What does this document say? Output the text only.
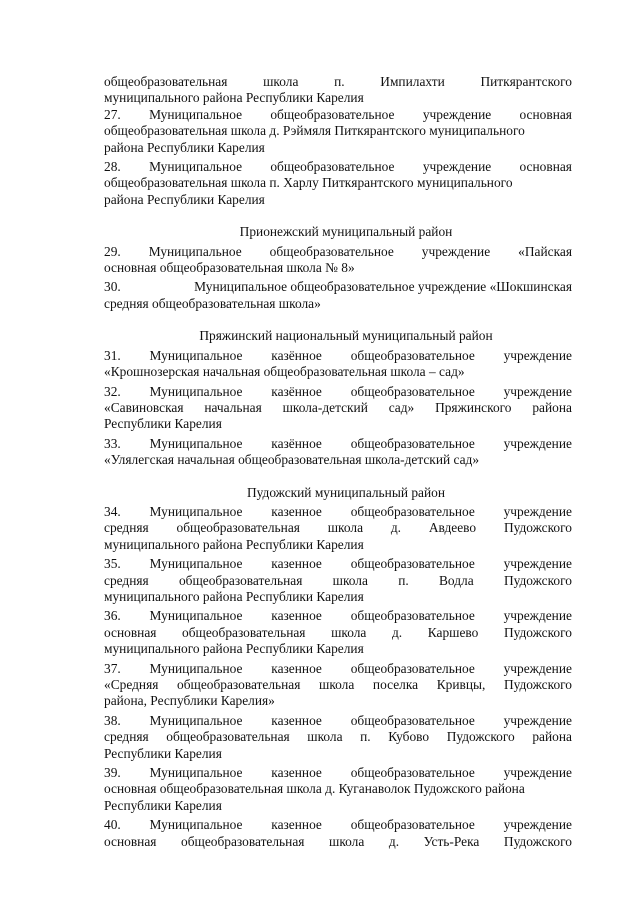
общеобразовательная	школа	п.	Импилахти	Питкярантского
муниципального района Республики Карелия
27. Муниципальное общеобразовательное учреждение основная
общеобразовательная школа д. Рэймяля Питкярантского муниципального
района Республики Карелия
28. Муниципальное общеобразовательное учреждение основная
общеобразовательная школа п. Харлу Питкярантского муниципального
района Республики Карелия

Прионежский муниципальный район

29. Муниципальное общеобразовательное учреждение «Пайская
основная общеобразовательная школа № 8»
30.	Муниципальное общеобразовательное учреждение «Шокшинская
средняя общеобразовательная школа»

Пряжинский национальный муниципальный район

31. Муниципальное казённое общеобразовательное учреждение
«Крошнозерская начальная общеобразовательная школа – сад»
32. Муниципальное казённое общеобразовательное учреждение
«Савиновская начальная школа-детский сад» Пряжинского района
Республики Карелия
33. Муниципальное казённое общеобразовательное учреждение
«Улялегская начальная общеобразовательная школа-детский сад»

Пудожский муниципальный район

34. Муниципальное казенное общеобразовательное учреждение
средняя общеобразовательная школа д. Авдеево Пудожского
муниципального района Республики Карелия
35. Муниципальное казенное общеобразовательное учреждение
средняя общеобразовательная школа п. Водла Пудожского
муниципального района Республики Карелия
36. Муниципальное казенное общеобразовательное учреждение
основная общеобразовательная школа д. Каршево Пудожского
муниципального района Республики Карелия
37. Муниципальное казенное общеобразовательное учреждение
«Средняя общеобразовательная школа поселка Кривцы, Пудожского
района, Республики Карелия»
38. Муниципальное казенное общеобразовательное учреждение
средняя общеобразовательная школа п. Кубово Пудожского района
Республики Карелия
39. Муниципальное казенное общеобразовательное учреждение
основная общеобразовательная школа д. Куганаволок Пудожского района
Республики Карелия
40. Муниципальное казенное общеобразовательное учреждение
основная общеобразовательная школа д. Усть-Река Пудожского
